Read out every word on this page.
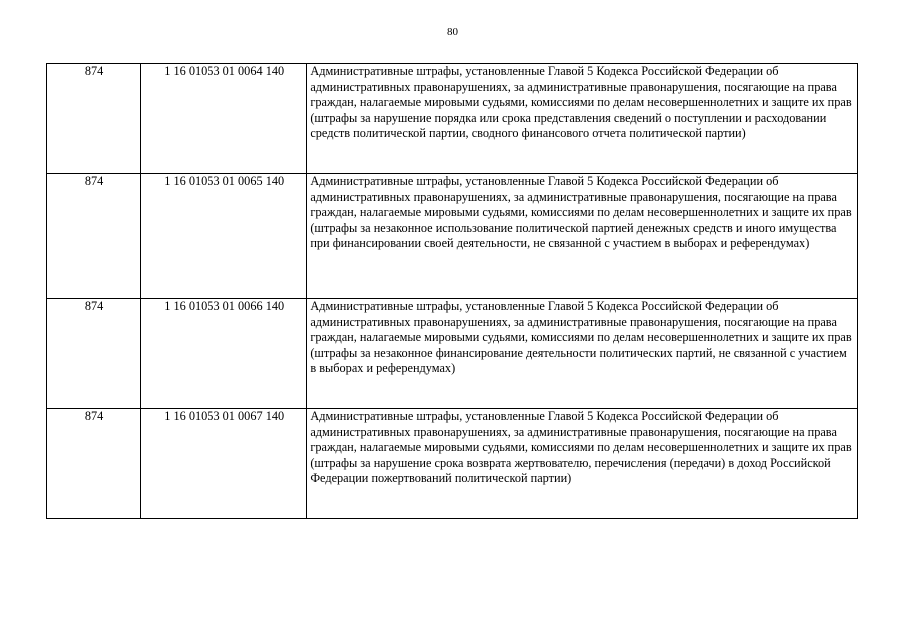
80
874	1 16 01053 01 0064 140	Административные штрафы, установленные Главой 5 Кодекса Российской Федерации об административных правонарушениях, за административные правонарушения, посягающие на права граждан, налагаемые мировыми судьями, комиссиями по делам несовершеннолетних и защите их прав (штрафы за нарушение порядка или срока представления сведений о поступлении и расходовании средств политической партии, сводного финансового отчета политической партии)
874	1 16 01053 01 0065 140	Административные штрафы, установленные Главой 5 Кодекса Российской Федерации об административных правонарушениях, за административные правонарушения, посягающие на права граждан, налагаемые мировыми судьями, комиссиями по делам несовершеннолетних и защите их прав (штрафы за незаконное использование политической партией денежных средств и иного имущества при финансировании своей деятельности, не связанной с участием в выборах и референдумах)
874	1 16 01053 01 0066 140	Административные штрафы, установленные Главой 5 Кодекса Российской Федерации об административных правонарушениях, за административные правонарушения, посягающие на права граждан, налагаемые мировыми судьями, комиссиями по делам несовершеннолетних и защите их прав (штрафы за незаконное финансирование деятельности политических партий, не связанной с участием в выборах и референдумах)
874	1 16 01053 01 0067 140	Административные штрафы, установленные Главой 5 Кодекса Российской Федерации об административных правонарушениях, за административные правонарушения, посягающие на права граждан, налагаемые мировыми судьями, комиссиями по делам несовершеннолетних и защите их прав (штрафы за нарушение срока возврата жертвователю, перечисления (передачи) в доход Российской Федерации пожертвований политической партии)
